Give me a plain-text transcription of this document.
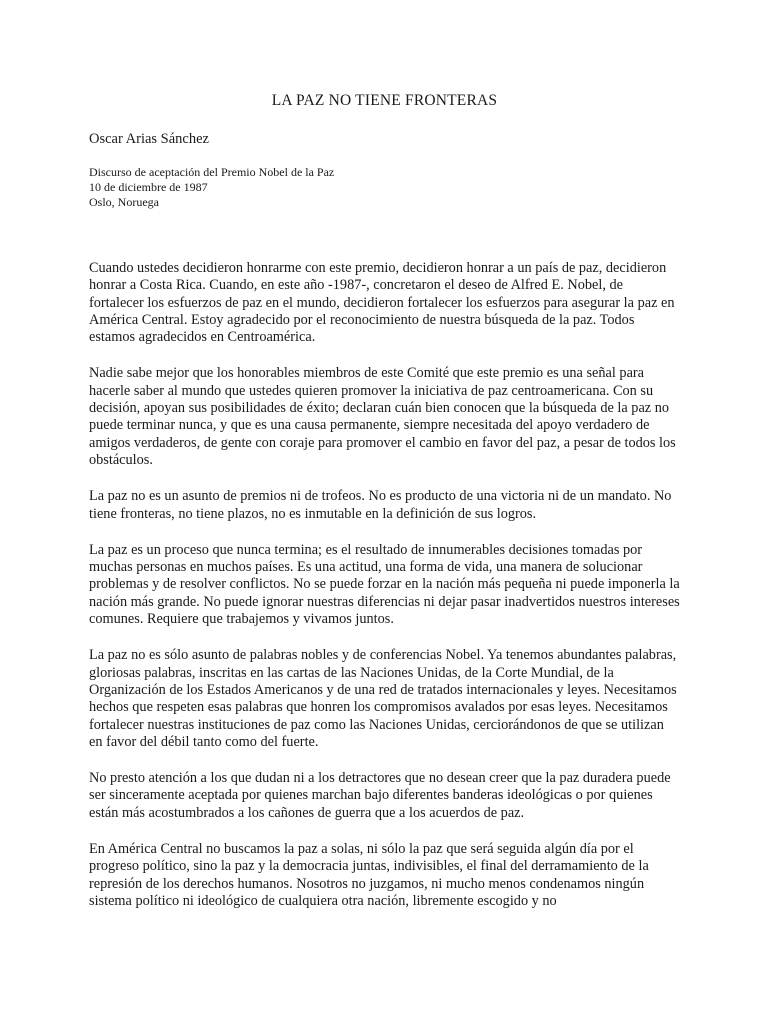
LA PAZ NO TIENE FRONTERAS

Oscar Arias Sánchez

Discurso de aceptación del Premio Nobel de la Paz
10 de diciembre de 1987
Oslo, Noruega

Cuando ustedes decidieron honrarme con este premio, decidieron honrar a un país de paz, decidieron honrar a Costa Rica. Cuando, en este año -1987-, concretaron el deseo de Alfred E. Nobel, de fortalecer los esfuerzos de paz en el mundo, decidieron fortalecer los esfuerzos para asegurar la paz en América Central. Estoy agradecido por el reconocimiento de nuestra búsqueda de la paz. Todos estamos agradecidos en Centroamérica.

Nadie sabe mejor que los honorables miembros de este Comité que este premio es una señal para hacerle saber al mundo que ustedes quieren promover la iniciativa de paz centroamericana. Con su decisión, apoyan sus posibilidades de éxito; declaran cuán bien conocen que la búsqueda de la paz no puede terminar nunca, y que es una causa permanente, siempre necesitada del apoyo verdadero de amigos verdaderos, de gente con coraje para promover el cambio en favor del paz, a pesar de todos los obstáculos.

La paz no es un asunto de premios ni de trofeos. No es producto de una victoria ni de un mandato. No tiene fronteras, no tiene plazos, no es inmutable en la definición de sus logros.

La paz es un proceso que nunca termina; es el resultado de innumerables decisiones tomadas por muchas personas en muchos países. Es una actitud, una forma de vida, una manera de solucionar problemas y de resolver conflictos. No se puede forzar en la nación más pequeña ni puede imponerla la nación más grande. No puede ignorar nuestras diferencias ni dejar pasar inadvertidos nuestros intereses comunes. Requiere que trabajemos y vivamos juntos.

La paz no es sólo asunto de palabras nobles y de conferencias Nobel. Ya tenemos abundantes palabras, gloriosas palabras, inscritas en las cartas de las Naciones Unidas, de la Corte Mundial, de la Organización de los Estados Americanos y de una red de tratados internacionales y leyes. Necesitamos hechos que respeten esas palabras que honren los compromisos avalados por esas leyes. Necesitamos fortalecer nuestras instituciones de paz como las Naciones Unidas, cerciorándonos de que se utilizan en favor del débil tanto como del fuerte.

No presto atención a los que dudan ni a los detractores que no desean creer que la paz duradera puede ser sinceramente aceptada por quienes marchan bajo diferentes banderas ideológicas o por quienes están más acostumbrados a los cañones de guerra que a los acuerdos de paz.

En América Central no buscamos la paz a solas, ni sólo la paz que será seguida algún día por el progreso político, sino la paz y la democracia juntas, indivisibles, el final del derramamiento de la represión de los derechos humanos. Nosotros no juzgamos, ni mucho menos condenamos ningún sistema político ni ideológico de cualquiera otra nación, libremente escogido y no
